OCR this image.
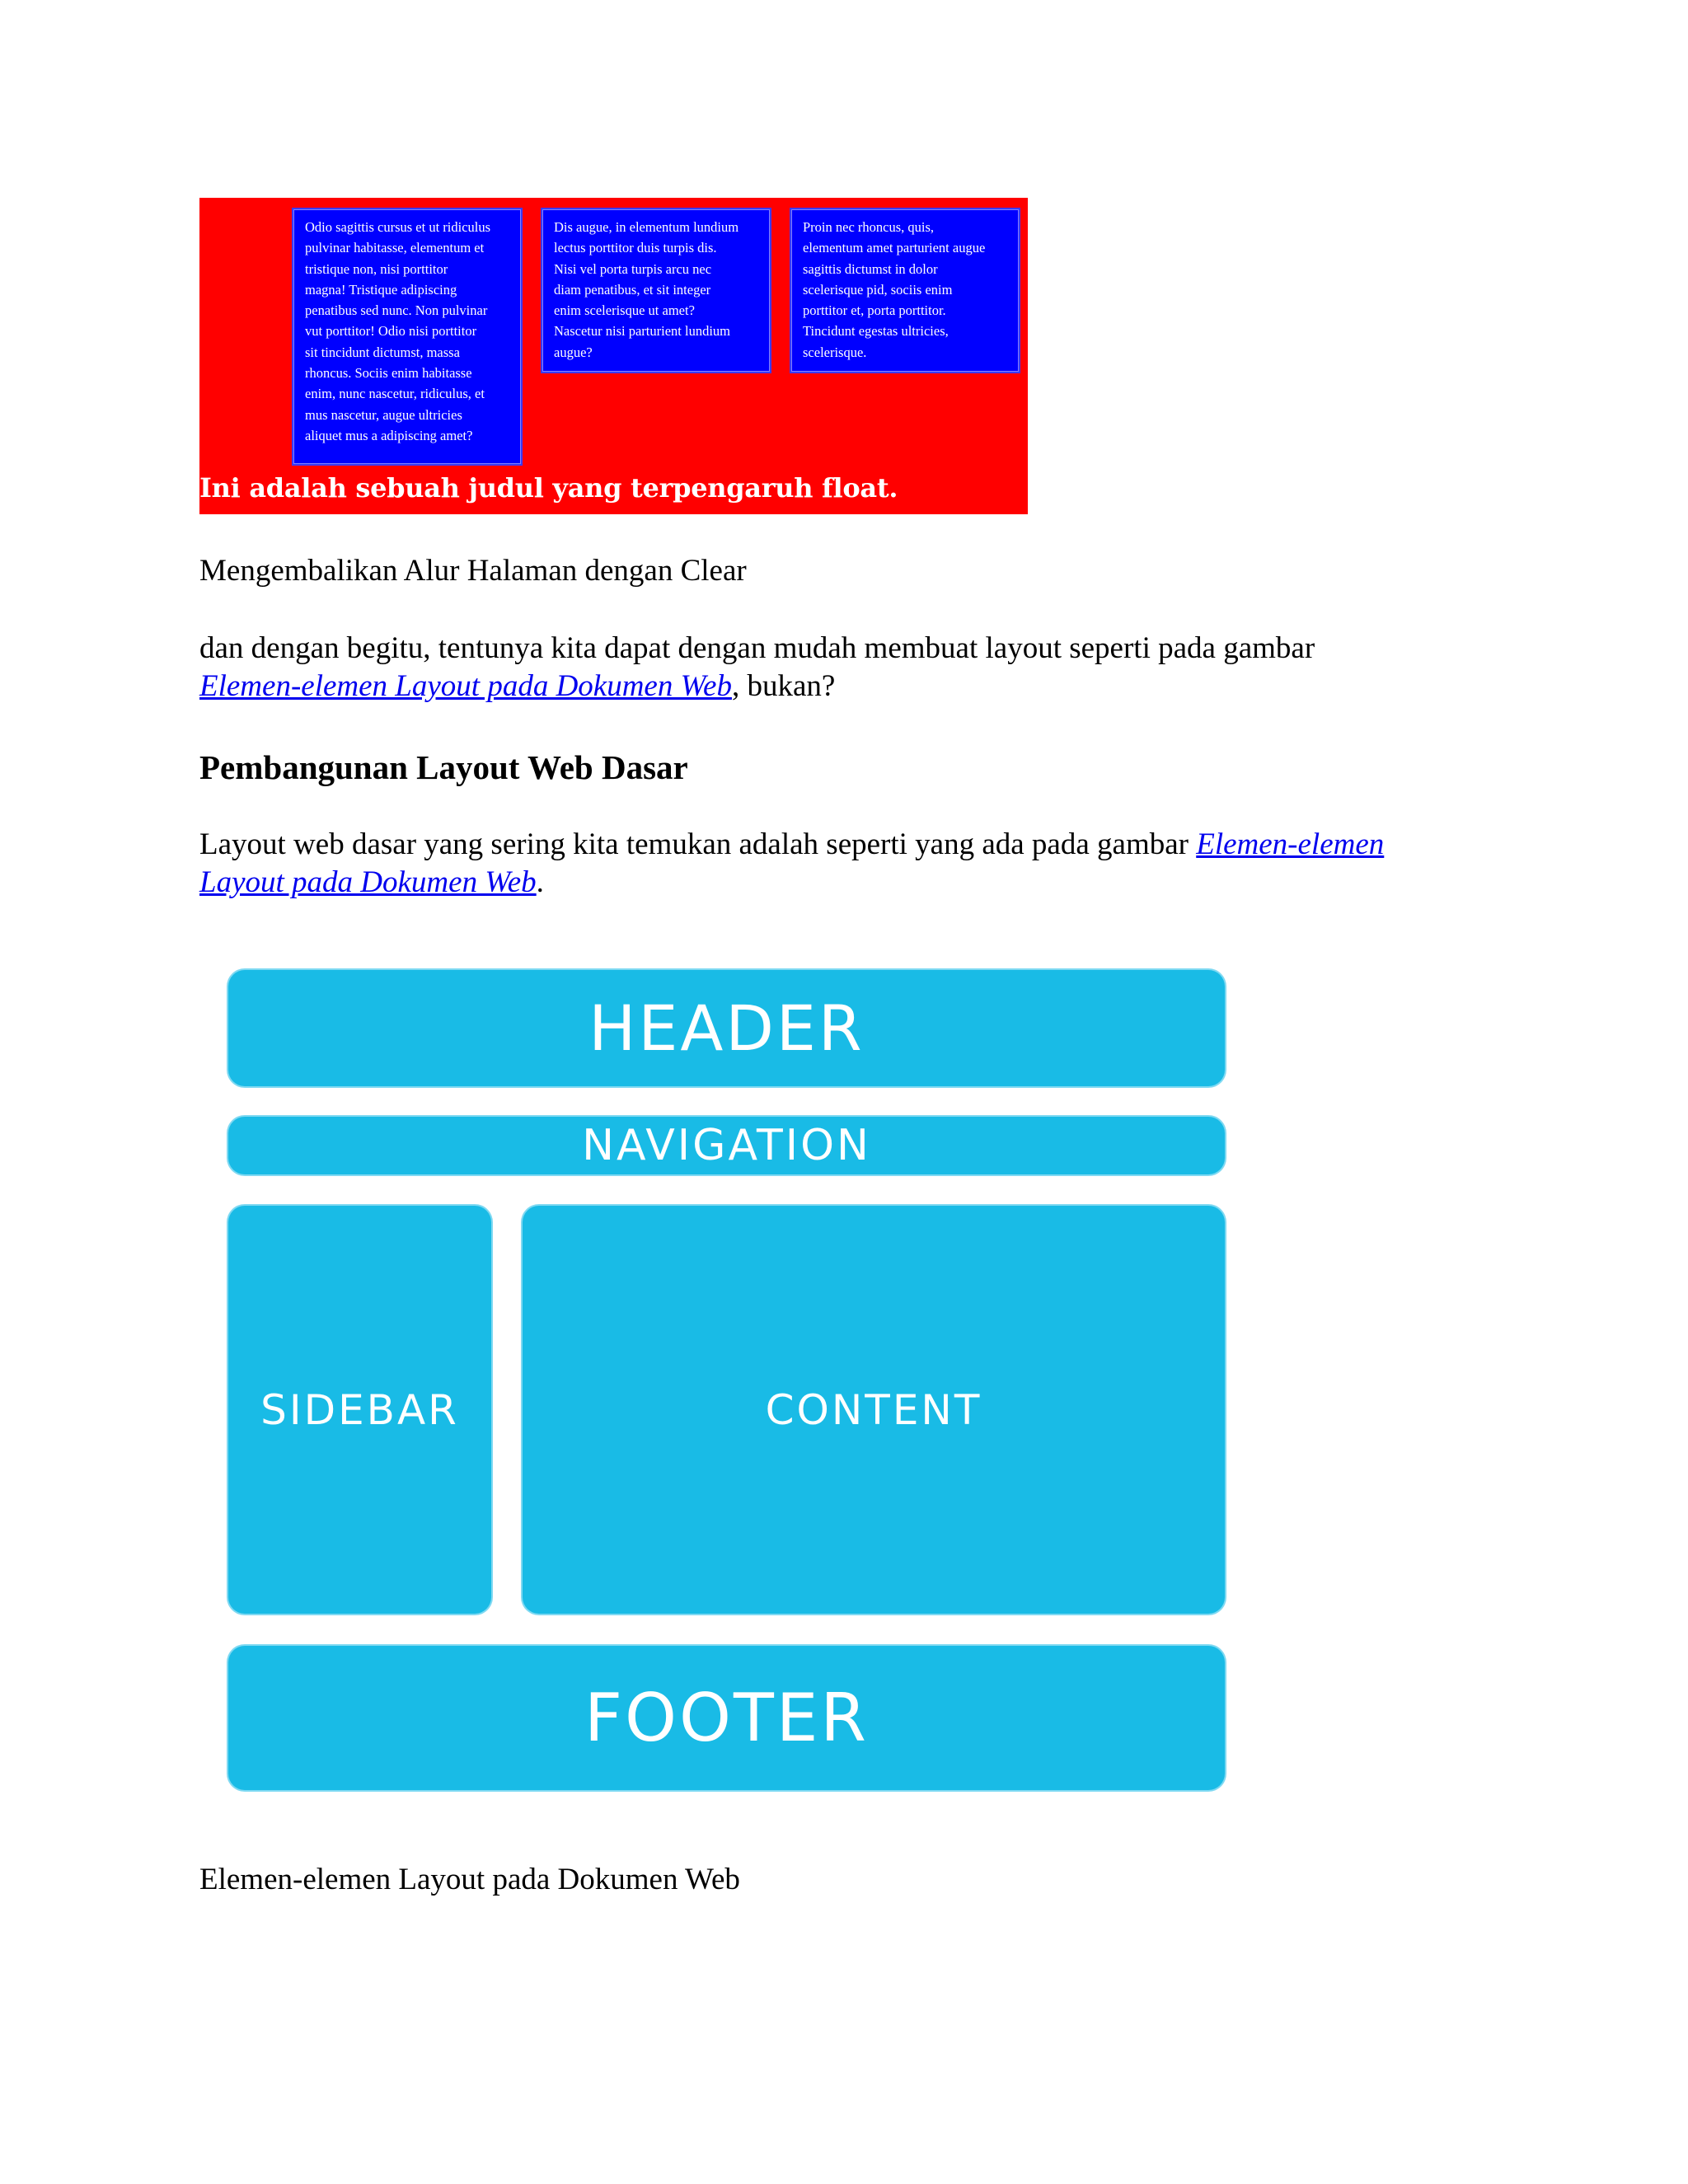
Odio sagittis cursus et ut ridiculus
pulvinar habitasse, elementum et
tristique non, nisi porttitor
magna! Tristique adipiscing
penatibus sed nunc. Non pulvinar
vut porttitor! Odio nisi porttitor
sit tincidunt dictumst, massa
rhoncus. Sociis enim habitasse
enim, nunc nascetur, ridiculus, et
mus nascetur, augue ultricies
aliquet mus a adipiscing amet?
Dis augue, in elementum lundium
lectus porttitor duis turpis dis.
Nisi vel porta turpis arcu nec
diam penatibus, et sit integer
enim scelerisque ut amet?
Nascetur nisi parturient lundium
augue?
Proin nec rhoncus, quis,
elementum amet parturient augue
sagittis dictumst in dolor
scelerisque pid, sociis enim
porttitor et, porta porttitor.
Tincidunt egestas ultricies,
scelerisque.
Ini adalah sebuah judul yang terpengaruh float.

Mengembalikan Alur Halaman dengan Clear

dan dengan begitu, tentunya kita dapat dengan mudah membuat layout seperti pada gambar

Elemen-elemen Layout pada Dokumen Web, bukan?

Pembangunan Layout Web Dasar

Layout web dasar yang sering kita temukan adalah seperti yang ada pada gambar Elemen-elemen

Layout pada Dokumen Web.

HEADER
NAVIGATION
SIDEBAR	CONTENT
FOOTER

Elemen-elemen Layout pada Dokumen Web
